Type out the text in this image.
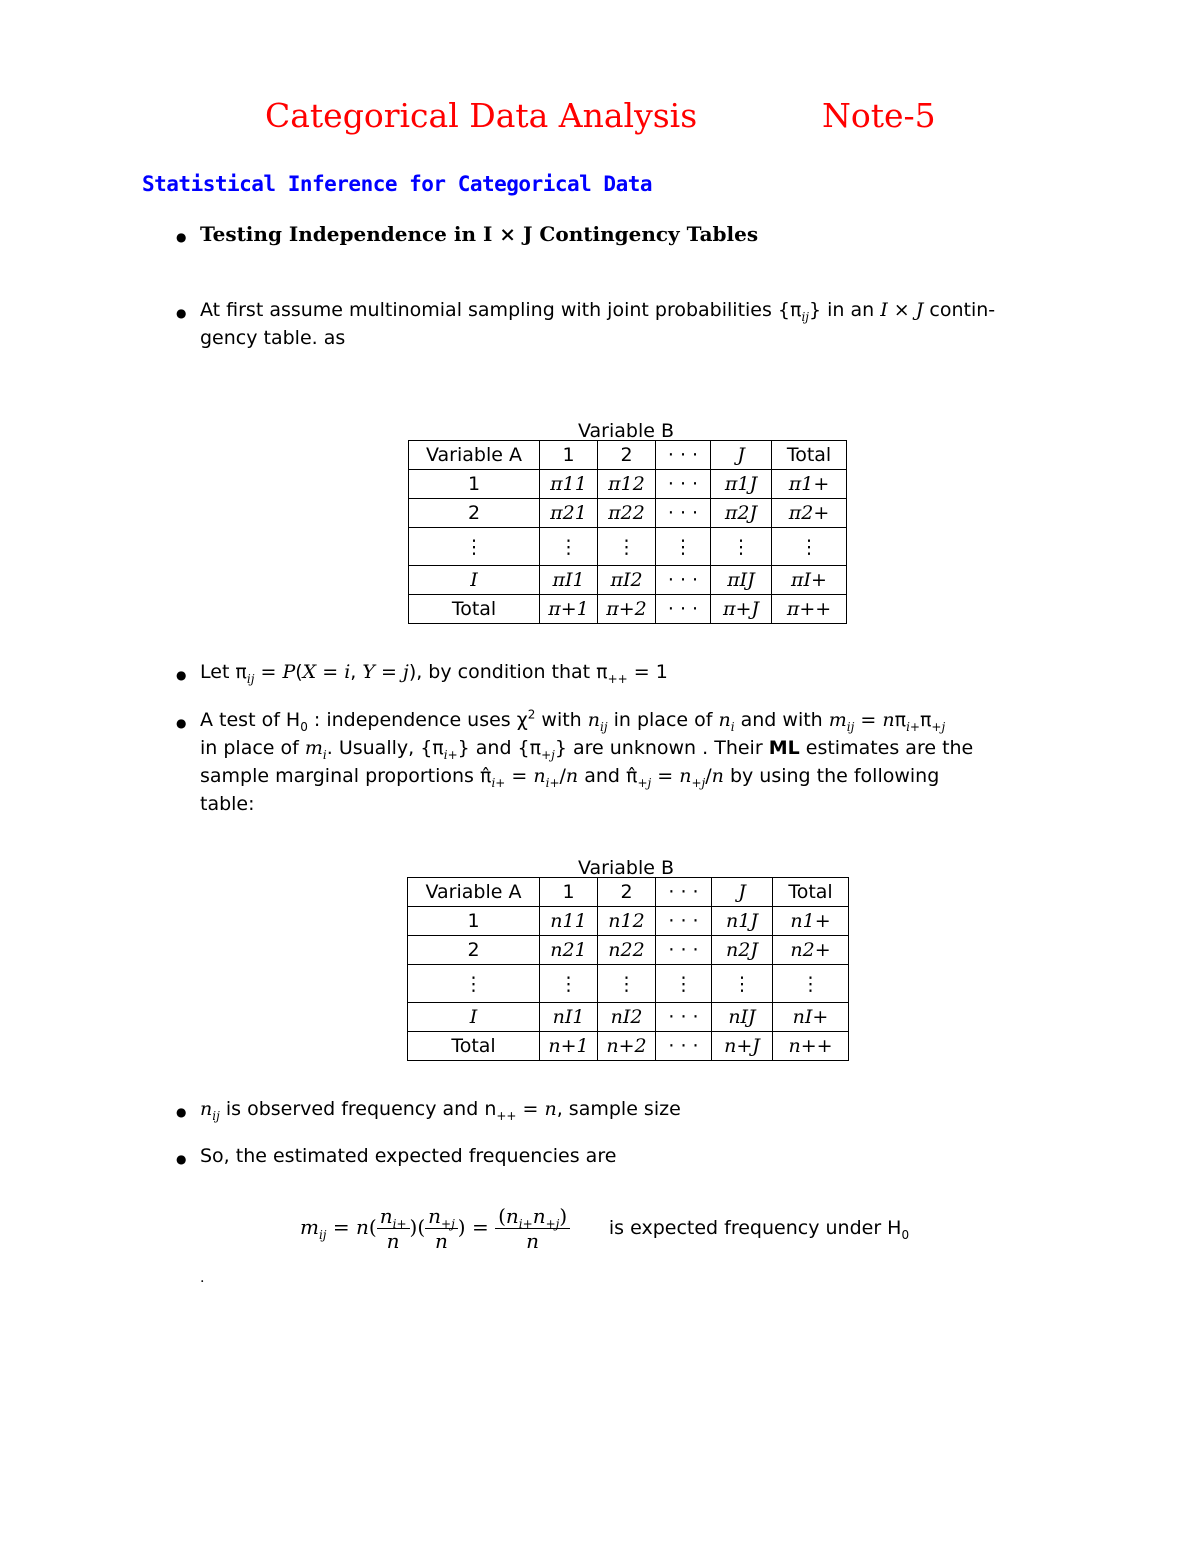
Categorical Data Analysis	Note-5
Statistical Inference for Categorical Data
● Testing Independence in I × J Contingency Tables
● At first assume multinomial sampling with joint probabilities $\{\pi_{ij}\}$ in an I × J contin-
gency table. as
Variable B
Variable A	1	2	· · ·	J	Total
1	π11	π12	· · ·	π1J	π1+
2	π21	π22	· · ·	π2J	π2+
⋮	⋮	⋮	⋮	⋮	⋮
I	πI1	πI2	· · ·	πIJ	πI+
Total	π+1	π+2	· · ·	π+J	π++
● Let $\pi_{ij} = P(X = i$, Y = j), by condition that $\pi_{++} = 1$
● A test of $H_0$ : independence uses $\chi^2$ with $n_{ij}$ in place of $n_i$ and with $m_{ij} = n\pi_{i+}\pi_{+j}$
in place of $m_i$. Usually, $\{\pi_{i+}\}$ and $\{\pi_{+j}\}$ are unknown . Their ML estimates are the
sample marginal proportions $\pî_{i+} = n_{i+}/n$ and $\pî_{+j} = n_{+j}/n$ by using the following
table:
Variable B
Variable A	1	2	· · ·	J	Total
1	n11	n12	· · ·	n1J	n1+
2	n21	n22	· · ·	n2J	n2+
⋮	⋮	⋮	⋮	⋮	⋮
I	nI1	nI2	· · ·	nIJ	nI+
Total	n+1	n+2	· · ·	n+J	n++
● $n_{ij}$ is observed frequency and $n_{++} = n$, sample size
● So, the estimated expected frequencies are
$m_{ij} = n( \frac{n_{i+}}{n}$ )( $\frac{n_{+j}}{n}$ ) = $\frac{(n_{i+}n_{+j})}{n}$ is expected frequency under $H_0$
.
